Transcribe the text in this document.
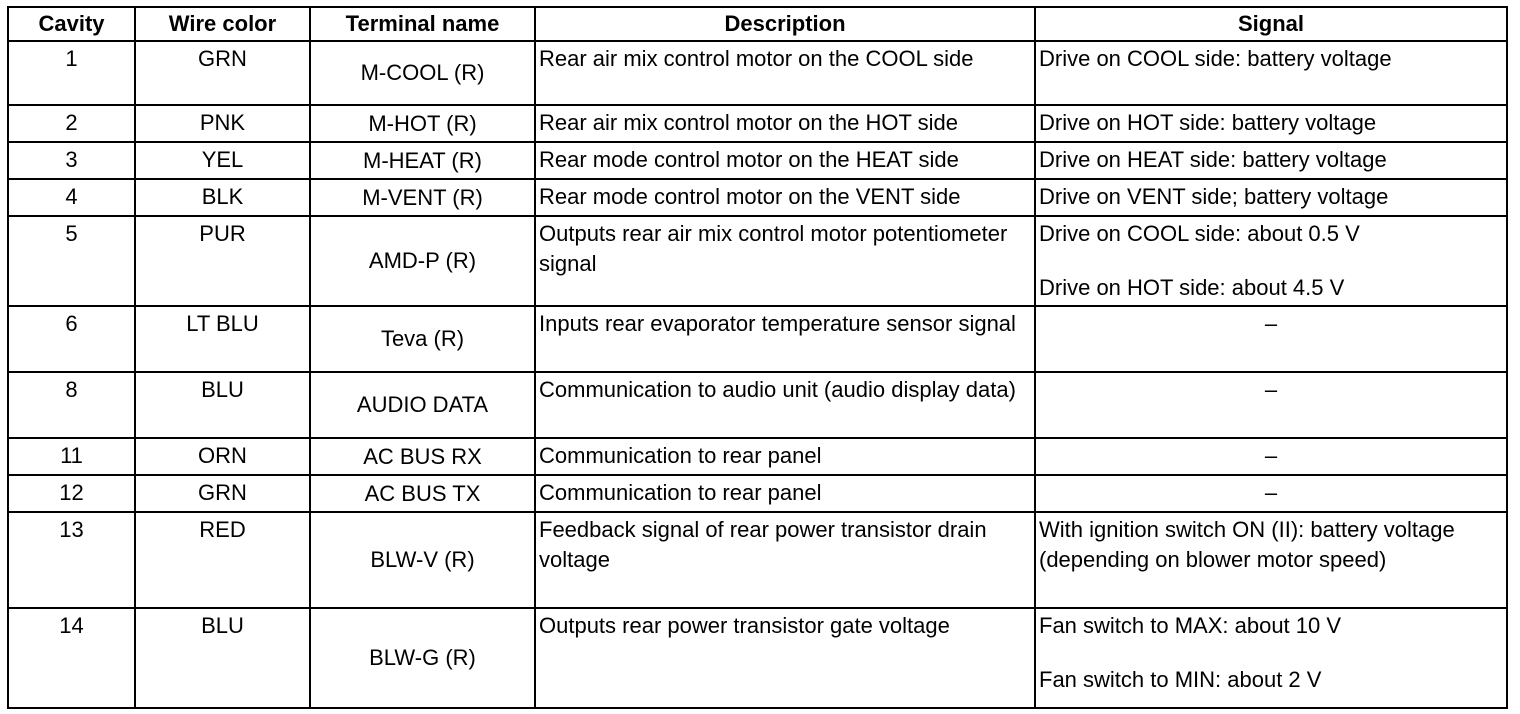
Cavity	Wire color	Terminal name	Description	Signal
1	GRN	M-COOL (R)	Rear air mix control motor on the COOL side	Drive on COOL side: battery voltage

2	PNK	M-HOT (R)	Rear air mix control motor on the HOT side	Drive on HOT side: battery voltage

3	YEL	M-HEAT (R)	Rear mode control motor on the HEAT side	Drive on HEAT side: battery voltage

4	BLK	M-VENT (R)	Rear mode control motor on the VENT side	Drive on VENT side; battery voltage

5	PUR	AMD-P (R)	Outputs rear air mix control motor potentiometer signal	Drive on COOL side: about 0.5 V
Drive on HOT side: about 4.5 V

6	LT BLU	Teva (R)	Inputs rear evaporator temperature sensor signal	–

8	BLU	AUDIO DATA	Communication to audio unit (audio display data)	–

11	ORN	AC BUS RX	Communication to rear panel	–

12	GRN	AC BUS TX	Communication to rear panel	–

13	RED	BLW-V (R)	Feedback signal of rear power transistor drain voltage	With ignition switch ON (II): battery voltage (depending on blower motor speed)

14	BLU	BLW-G (R)	Outputs rear power transistor gate voltage	Fan switch to MAX: about 10 V
Fan switch to MIN: about 2 V
